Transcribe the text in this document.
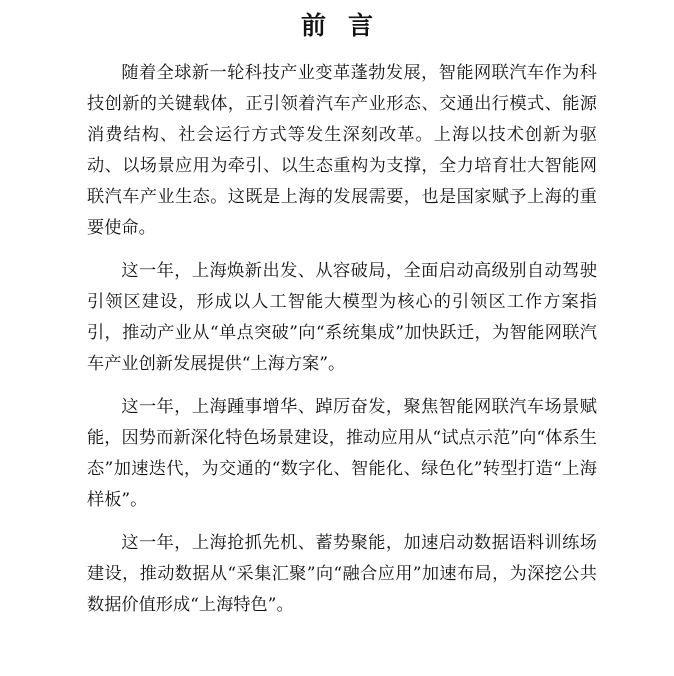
前言

随着全球新一轮科技产业变革蓬勃发展，智能网联汽车作为科技创新的关键载体，正引领着汽车产业形态、交通出行模式、能源消费结构、社会运行方式等发生深刻改革。上海以技术创新为驱动、以场景应用为牵引、以生态重构为支撑，全力培育壮大智能网联汽车产业生态。这既是上海的发展需要，也是国家赋予上海的重要使命。

这一年，上海焕新出发、从容破局，全面启动高级别自动驾驶引领区建设，形成以人工智能大模型为核心的引领区工作方案指引，推动产业从“单点突破”向“系统集成”加快跃迁，为智能网联汽车产业创新发展提供“上海方案”。

这一年，上海踵事增华、踔厉奋发，聚焦智能网联汽车场景赋能，因势而新深化特色场景建设，推动应用从“试点示范”向“体系生态”加速迭代，为交通的“数字化、智能化、绿色化”转型打造“上海样板”。

这一年，上海抢抓先机、蓄势聚能，加速启动数据语料训练场建设，推动数据从“采集汇聚”向“融合应用”加速布局，为深挖公共数据价值形成“上海特色”。
